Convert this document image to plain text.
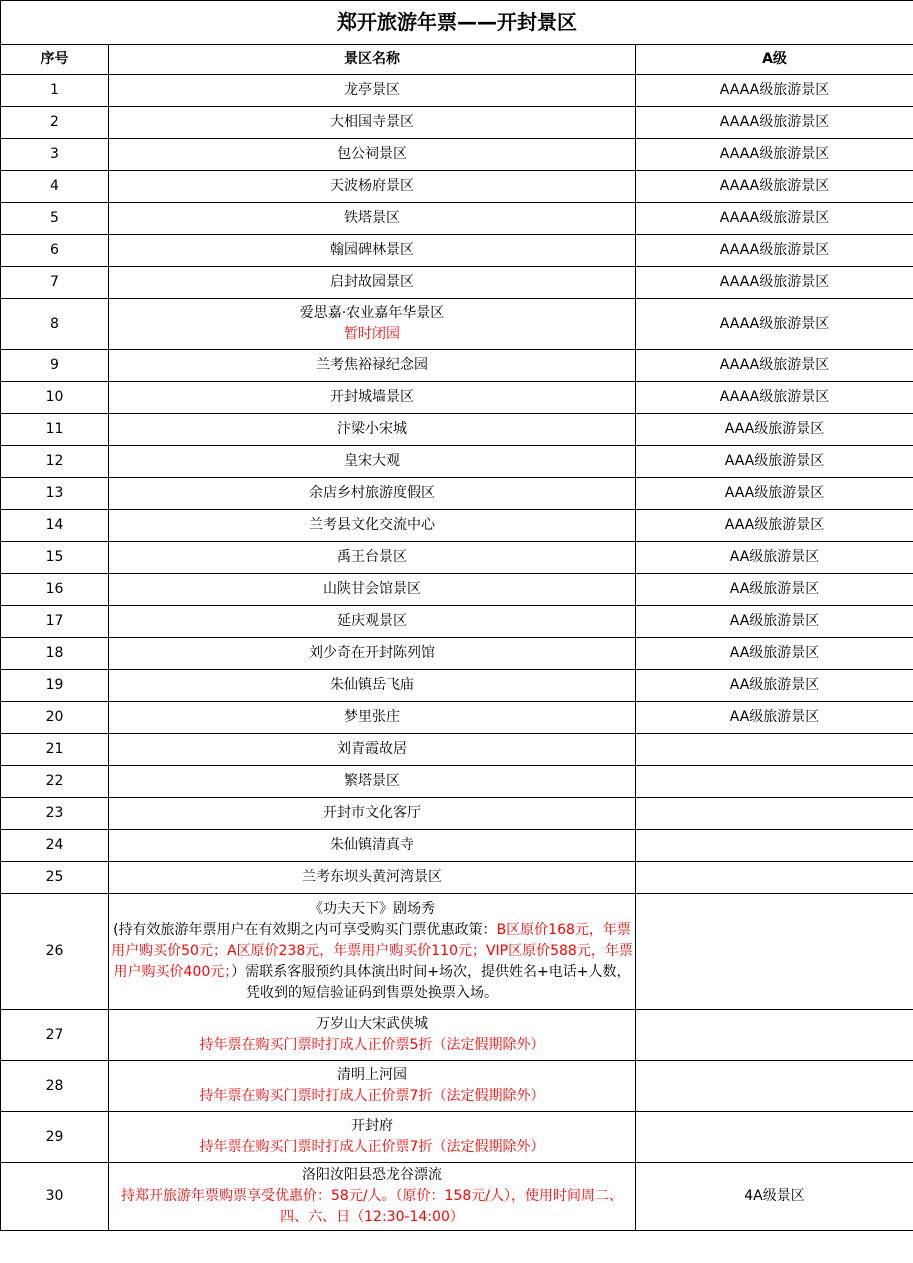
郑开旅游年票——开封景区		
序号	景区名称	A级
1	龙亭景区	AAAA级旅游景区
2	大相国寺景区	AAAA级旅游景区
3	包公祠景区	AAAA级旅游景区
4	天波杨府景区	AAAA级旅游景区
5	铁塔景区	AAAA级旅游景区
6	翰园碑林景区	AAAA级旅游景区
7	启封故园景区	AAAA级旅游景区
8	爱思嘉·农业嘉年华景区
暂时闭园	AAAA级旅游景区
9	兰考焦裕禄纪念园	AAAA级旅游景区
10	开封城墙景区	AAAA级旅游景区
11	汴梁小宋城	AAA级旅游景区
12	皇宋大观	AAA级旅游景区
13	余店乡村旅游度假区	AAA级旅游景区
14	兰考县文化交流中心	AAA级旅游景区
15	禹王台景区	AA级旅游景区
16	山陕甘会馆景区	AA级旅游景区
17	延庆观景区	AA级旅游景区
18	刘少奇在开封陈列馆	AA级旅游景区
19	朱仙镇岳飞庙	AA级旅游景区
20	梦里张庄	AA级旅游景区
21	刘青霞故居	

22	繁塔景区	

23	开封市文化客厅	

24	朱仙镇清真寺	

25	兰考东坝头黄河湾景区	

26	《功夫天下》剧场秀
(持有效旅游年票用户在有效期之内可享受购买门票优惠政策：B区原价168元，年票用户购买价50元；A区原价238元，年票用户购买价110元；VIP区原价588元，年票用户购买价400元；）需联系客服预约具体演出时间+场次，提供姓名+电话+人数，凭收到的短信验证码到售票处换票入场。	

27	万岁山大宋武侠城
持年票在购买门票时打成人正价票5折（法定假期除外）	

28	清明上河园
持年票在购买门票时打成人正价票7折（法定假期除外）	

29	开封府
持年票在购买门票时打成人正价票7折（法定假期除外）	

30	洛阳汝阳县恐龙谷漂流
持郑开旅游年票购票享受优惠价：58元/人。（原价：158元/人），使用时间周二、四、六、日（12:30-14:00）	4A级景区
